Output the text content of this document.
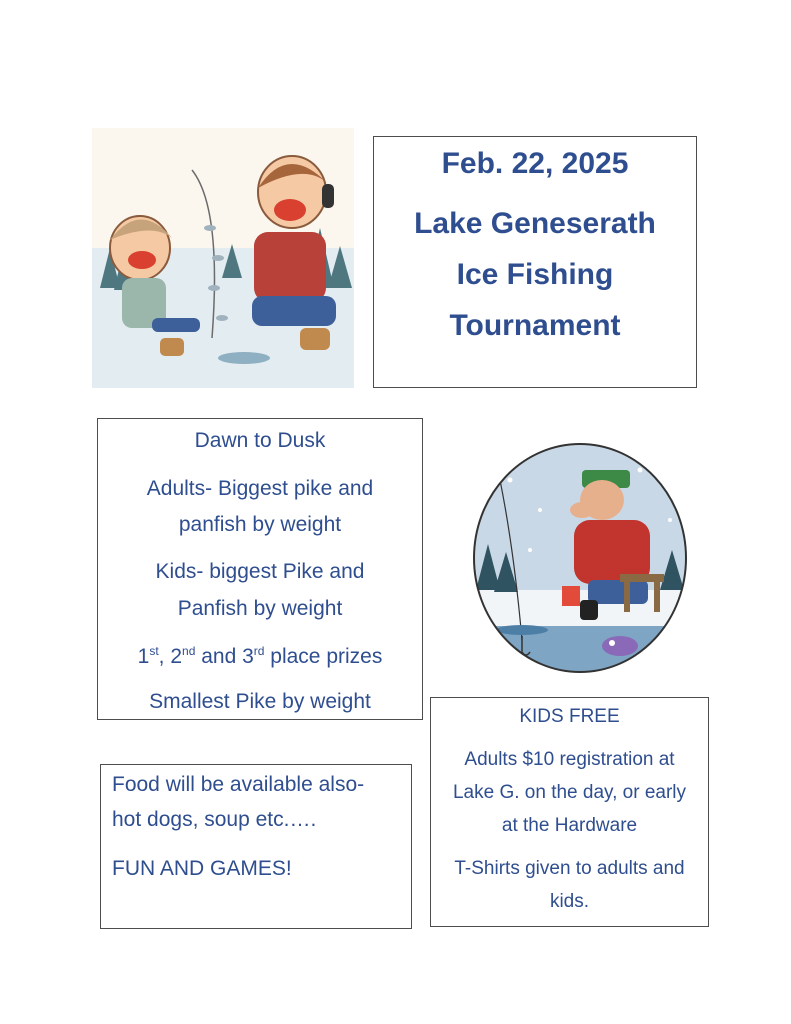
Feb. 22, 2025
Lake Geneserath
Ice Fishing
Tournament
Dawn to Dusk
Adults- Biggest pike and
panfish by weight
Kids- biggest Pike and
Panfish by weight
1st, 2nd and 3rd place prizes
Smallest Pike by weight
KIDS FREE
Adults $10 registration at
Lake G. on the day, or early
at the Hardware
T-Shirts given to adults and
kids.
Food will be available also-
hot dogs, soup etc.….
FUN AND GAMES!
